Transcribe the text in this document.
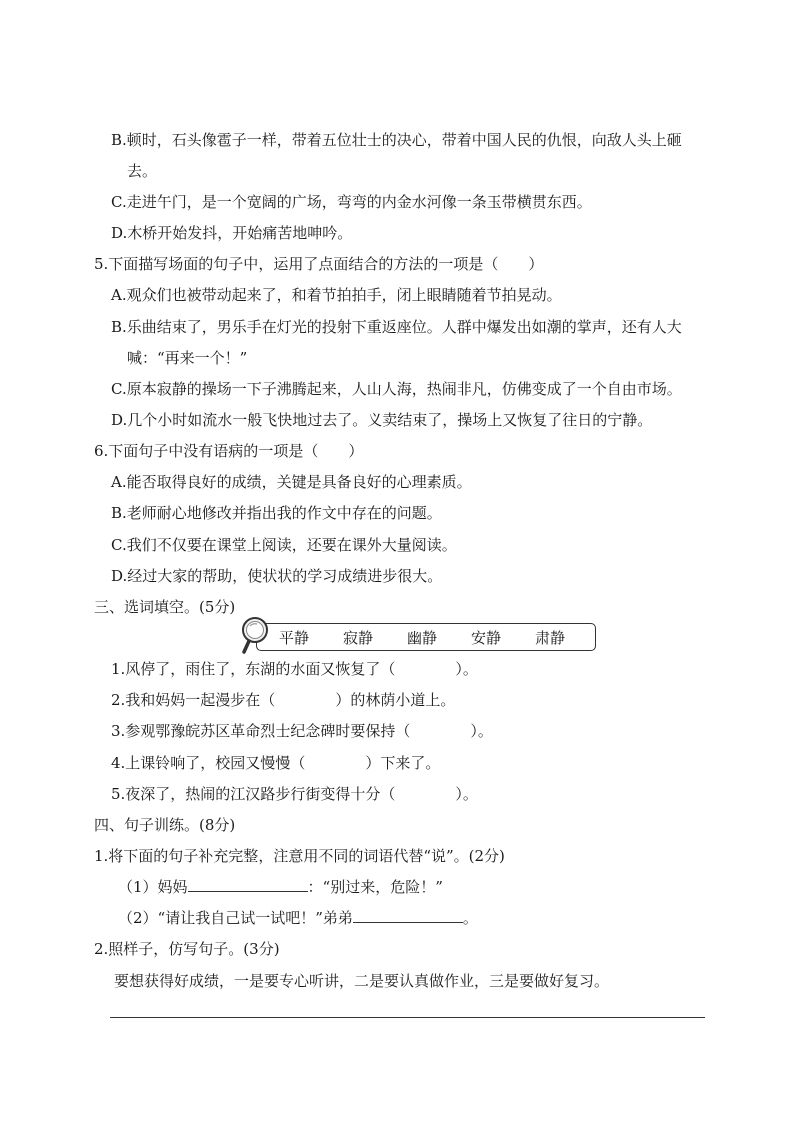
B.顿时，石头像雹子一样，带着五位壮士的决心，带着中国人民的仇恨，向敌人头上砸
去。
C.走进午门，是一个宽阔的广场，弯弯的内金水河像一条玉带横贯东西。
D.木桥开始发抖，开始痛苦地呻吟。
5.下面描写场面的句子中，运用了点面结合的方法的一项是（　　）
A.观众们也被带动起来了，和着节拍拍手，闭上眼睛随着节拍晃动。
B.乐曲结束了，男乐手在灯光的投射下重返座位。人群中爆发出如潮的掌声，还有人大
喊：“再来一个！”
C.原本寂静的操场一下子沸腾起来，人山人海，热闹非凡，仿佛变成了一个自由市场。
D.几个小时如流水一般飞快地过去了。义卖结束了，操场上又恢复了往日的宁静。
6.下面句子中没有语病的一项是（　　）
A.能否取得良好的成绩，关键是具备良好的心理素质。
B.老师耐心地修改并指出我的作文中存在的问题。
C.我们不仅要在课堂上阅读，还要在课外大量阅读。
D.经过大家的帮助，使状状的学习成绩进步很大。
三、选词填空。(5分)
平静 寂静 幽静 安静 肃静
1.风停了，雨住了，东湖的水面又恢复了（　　　　）。
2.我和妈妈一起漫步在（　　　　）的林荫小道上。
3.参观鄂豫皖苏区革命烈士纪念碑时要保持（　　　　）。
4.上课铃响了，校园又慢慢（　　　　）下来了。
5.夜深了，热闹的江汉路步行街变得十分（　　　　）。
四、句子训练。(8分)
1.将下面的句子补充完整，注意用不同的词语代替“说”。(2分)
（1）妈妈	：“别过来，危险！”
（2）“请让我自己试一试吧！”弟弟	。
2.照样子，仿写句子。(3分)
要想获得好成绩，一是要专心听讲，二是要认真做作业，三是要做好复习。
